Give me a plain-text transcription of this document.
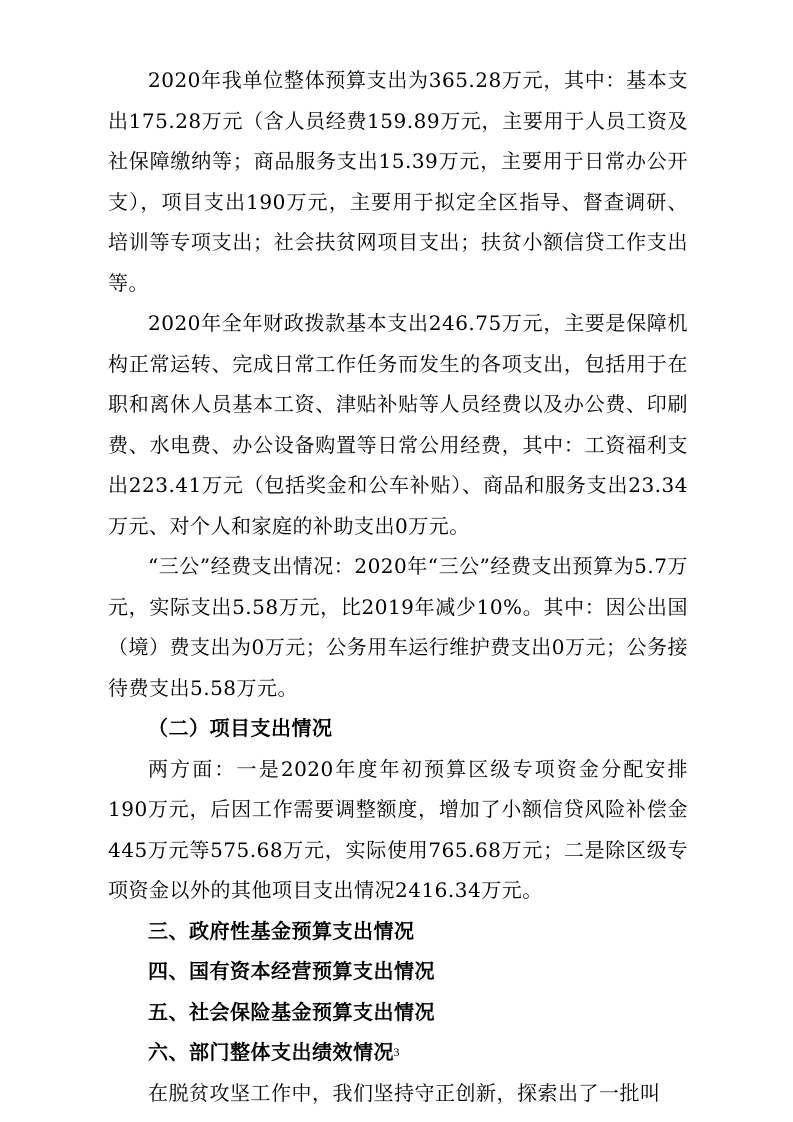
2020年我单位整体预算支出为365.28万元，其中：基本支出175.28万元（含人员经费159.89万元，主要用于人员工资及社保障缴纳等；商品服务支出15.39万元，主要用于日常办公开支），项目支出190万元，主要用于拟定全区指导、督查调研、培训等专项支出；社会扶贫网项目支出；扶贫小额信贷工作支出等。

2020年全年财政拨款基本支出246.75万元，主要是保障机构正常运转、完成日常工作任务而发生的各项支出，包括用于在职和离休人员基本工资、津贴补贴等人员经费以及办公费、印刷费、水电费、办公设备购置等日常公用经费，其中：工资福利支出223.41万元（包括奖金和公车补贴）、商品和服务支出23.34万元、对个人和家庭的补助支出0万元。

“三公”经费支出情况：2020年“三公”经费支出预算为5.7万元，实际支出5.58万元，比2019年减少10%。其中：因公出国（境）费支出为0万元；公务用车运行维护费支出0万元；公务接待费支出5.58万元。

（二）项目支出情况

两方面：一是2020年度年初预算区级专项资金分配安排190万元，后因工作需要调整额度，增加了小额信贷风险补偿金445万元等575.68万元，实际使用765.68万元；二是除区级专项资金以外的其他项目支出情况2416.34万元。

三、政府性基金预算支出情况

四、国有资本经营预算支出情况

五、社会保险基金预算支出情况

六、部门整体支出绩效情况

在脱贫攻坚工作中，我们坚持守正创新，探索出了一批叫

3
